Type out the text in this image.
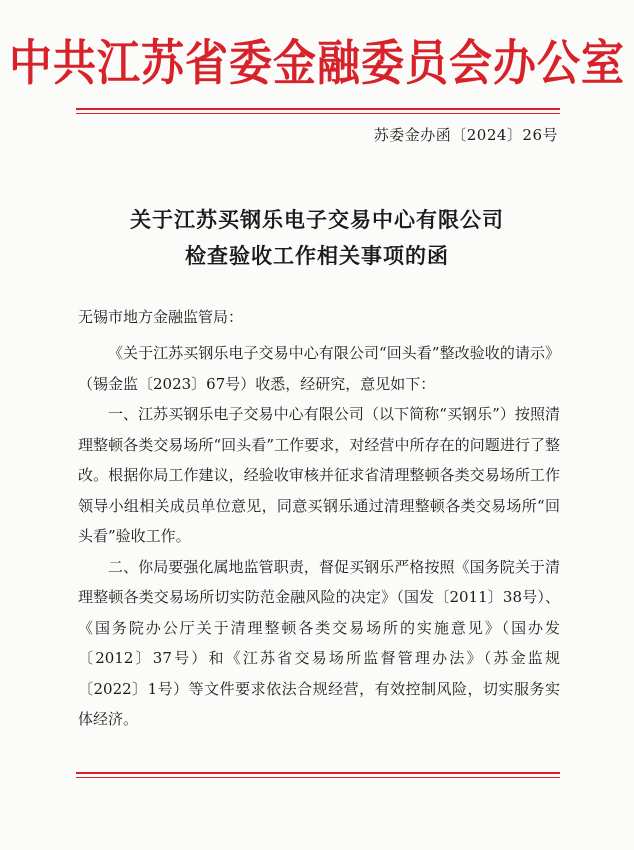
中共江苏省委金融委员会办公室
苏委金办函〔2024〕26号
关于江苏买钢乐电子交易中心有限公司
检查验收工作相关事项的函
无锡市地方金融监管局：

《关于江苏买钢乐电子交易中心有限公司“回头看”整改验收的请示》（锡金监〔2023〕67号）收悉，经研究，意见如下：

一、江苏买钢乐电子交易中心有限公司（以下简称“买钢乐”）按照清理整顿各类交易场所“回头看”工作要求，对经营中所存在的问题进行了整改。根据你局工作建议，经验收审核并征求省清理整顿各类交易场所工作领导小组相关成员单位意见，同意买钢乐通过清理整顿各类交易场所“回头看”验收工作。

二、你局要强化属地监管职责，督促买钢乐严格按照《国务院关于清理整顿各类交易场所切实防范金融风险的决定》（国发〔2011〕38号）、《国务院办公厅关于清理整顿各类交易场所的实施意见》（国办发〔2012〕37号）和《江苏省交易场所监督管理办法》（苏金监规〔2022〕1号）等文件要求依法合规经营，有效控制风险，切实服务实体经济。
